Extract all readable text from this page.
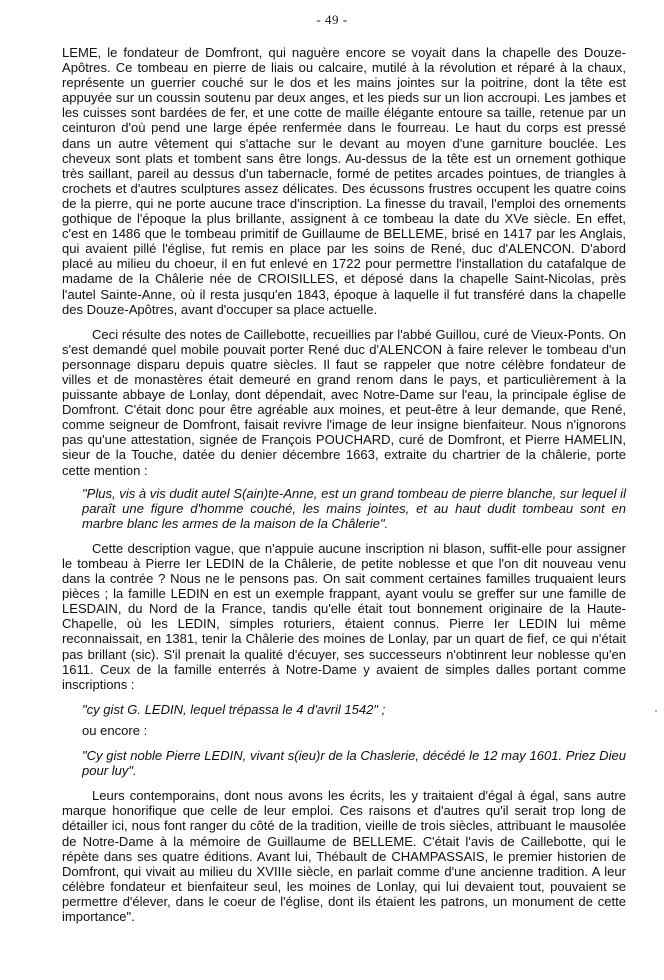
- 49 -

LEME, le fondateur de Domfront, qui naguère encore se voyait dans la chapelle des Douze-Apôtres. Ce tombeau en pierre de liais ou calcaire, mutilé à la révolution et réparé à la chaux, représente un guerrier couché sur le dos et les mains jointes sur la poitrine, dont la tête est appuyée sur un coussin soutenu par deux anges, et les pieds sur un lion accroupi. Les jambes et les cuisses sont bardées de fer, et une cotte de maille élégante entoure sa taille, retenue par un ceinturon d'où pend une large épée renfermée dans le fourreau. Le haut du corps est pressé dans un autre vêtement qui s'attache sur le devant au moyen d'une garniture bouclée. Les cheveux sont plats et tombent sans être longs. Au-dessus de la tête est un ornement gothique très saillant, pareil au dessus d'un tabernacle, formé de petites arcades pointues, de triangles à crochets et d'autres sculptures assez délicates. Des écussons frustres occupent les quatre coins de la pierre, qui ne porte aucune trace d'inscription. La finesse du travail, l'emploi des ornements gothique de l'époque la plus brillante, assignent à ce tombeau la date du XVe siècle. En effet, c'est en 1486 que le tombeau primitif de Guillaume de BELLEME, brisé en 1417 par les Anglais, qui avaient pillé l'église, fut remis en place par les soins de René, duc d'ALENCON. D'abord placé au milieu du choeur, il en fut enlevé en 1722 pour permettre l'installation du catafalque de madame de la Châlerie née de CROISILLES, et déposé dans la chapelle Saint-Nicolas, près l'autel Sainte-Anne, où il resta jusqu'en 1843, époque à laquelle il fut transféré dans la chapelle des Douze-Apôtres, avant d'occuper sa place actuelle.

Ceci résulte des notes de Caillebotte, recueillies par l'abbé Guillou, curé de Vieux-Ponts. On s'est demandé quel mobile pouvait porter René duc d'ALENCON à faire relever le tombeau d'un personnage disparu depuis quatre siècles. Il faut se rappeler que notre célèbre fondateur de villes et de monastères était demeuré en grand renom dans le pays, et particulièrement à la puissante abbaye de Lonlay, dont dépendait, avec Notre-Dame sur l'eau, la principale église de Domfront. C'était donc pour être agréable aux moines, et peut-être à leur demande, que René, comme seigneur de Domfront, faisait revivre l'image de leur insigne bienfaiteur. Nous n'ignorons pas qu'une attestation, signée de François POUCHARD, curé de Domfront, et Pierre HAMELIN, sieur de la Touche, datée du denier décembre 1663, extraite du chartrier de la châlerie, porte cette mention :

"Plus, vis à vis dudit autel S(ain)te-Anne, est un grand tombeau de pierre blanche, sur lequel il paraît une figure d'homme couché, les mains jointes, et au haut dudit tombeau sont en marbre blanc les armes de la maison de la Châlerie".

Cette description vague, que n'appuie aucune inscription ni blason, suffit-elle pour assigner le tombeau à Pierre Ier LEDIN de la Châlerie, de petite noblesse et que l'on dit nouveau venu dans la contrée ? Nous ne le pensons pas. On sait comment certaines familles truquaient leurs pièces ; la famille LEDIN en est un exemple frappant, ayant voulu se greffer sur une famille de LESDAIN, du Nord de la France, tandis qu'elle était tout bonnement originaire de la Haute-Chapelle, où les LEDIN, simples roturiers, étaient connus. Pierre Ier LEDIN lui même reconnaissait, en 1381, tenir la Châlerie des moines de Lonlay, par un quart de fief, ce qui n'était pas brillant (sic). S'il prenait la qualité d'écuyer, ses successeurs n'obtinrent leur noblesse qu'en 1611. Ceux de la famille enterrés à Notre-Dame y avaient de simples dalles portant comme inscriptions :

"cy gist G. LEDIN, lequel trépassa le 4 d'avril 1542" ;

ou encore :

"Cy gist noble Pierre LEDIN, vivant s(ieu)r de la Chaslerie, décédé le 12 may 1601. Priez Dieu pour luy".

Leurs contemporains, dont nous avons les écrits, les y traitaient d'égal à égal, sans autre marque honorifique que celle de leur emploi. Ces raisons et d'autres qu'il serait trop long de détailler ici, nous font ranger du côté de la tradition, vieille de trois siècles, attribuant le mausolée de Notre-Dame à la mémoire de Guillaume de BELLEME. C'était l'avis de Caillebotte, qui le répète dans ses quatre éditions. Avant lui, Thébault de CHAMPASSAIS, le premier historien de Domfront, qui vivait au milieu du XVIIIe siècle, en parlait comme d'une ancienne tradition. A leur célèbre fondateur et bienfaiteur seul, les moines de Lonlay, qui lui devaient tout, pouvaient se permettre d'élever, dans le coeur de l'église, dont ils étaient les patrons, un monument de cette importance".
